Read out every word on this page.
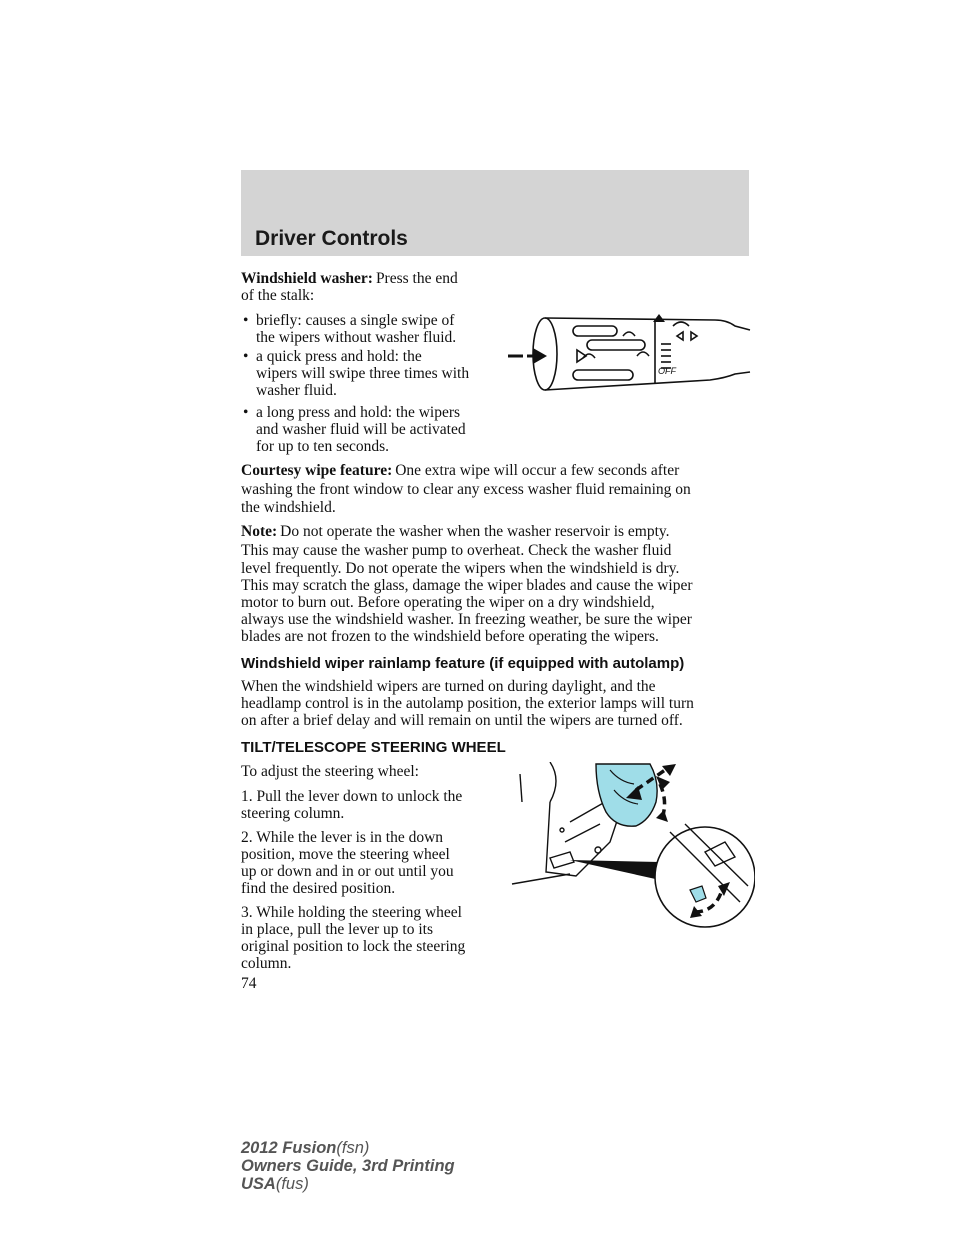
Driver Controls

Windshield washer: Press the end

of the stalk:

• briefly: causes a single swipe of

the wipers without washer fluid.

• a quick press and hold: the

wipers will swipe three times with

washer fluid.

• a long press and hold: the wipers

and washer fluid will be activated

for up to ten seconds.

OFF

Courtesy wipe feature: One extra wipe will occur a few seconds after

washing the front window to clear any excess washer fluid remaining on

the windshield.

Note: Do not operate the washer when the washer reservoir is empty.

This may cause the washer pump to overheat. Check the washer fluid

level frequently. Do not operate the wipers when the windshield is dry.

This may scratch the glass, damage the wiper blades and cause the wiper

motor to burn out. Before operating the wiper on a dry windshield,

always use the windshield washer. In freezing weather, be sure the wiper

blades are not frozen to the windshield before operating the wipers.

Windshield wiper rainlamp feature (if equipped with autolamp)

When the windshield wipers are turned on during daylight, and the

headlamp control is in the autolamp position, the exterior lamps will turn

on after a brief delay and will remain on until the wipers are turned off.

TILT/TELESCOPE STEERING WHEEL

To adjust the steering wheel:

1. Pull the lever down to unlock the

steering column.

2. While the lever is in the down

position, move the steering wheel

up or down and in or out until you

find the desired position.

3. While holding the steering wheel

in place, pull the lever up to its

original position to lock the steering

column.

74

2012 Fusion(fsn)
Owners Guide, 3rd Printing
USA(fus)
